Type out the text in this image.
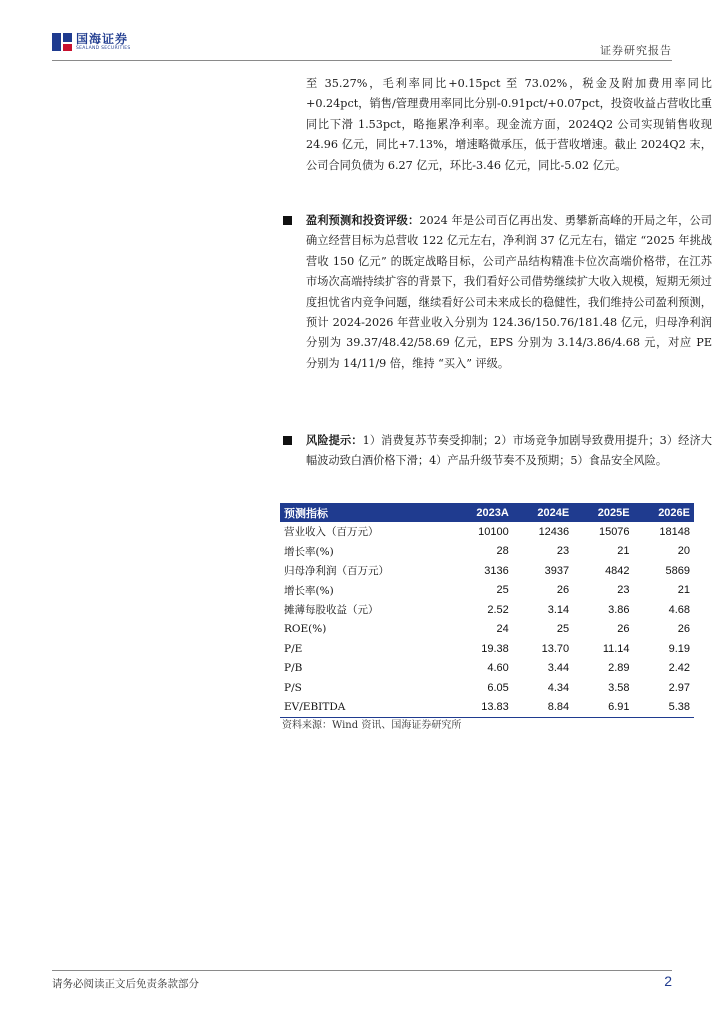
国海证券
SEALAND SECURITIES	证券研究报告
至 35.27%，毛利率同比+0.15pct 至 73.02%，税金及附加费用率同比+0.24pct，销售/管理费用率同比分别-0.91pct/+0.07pct，投资收益占营收比重同比下滑 1.53pct，略拖累净利率。现金流方面，2024Q2 公司实现销售收现 24.96 亿元，同比+7.13%，增速略微承压，低于营收增速。截止 2024Q2 末，公司合同负债为 6.27 亿元，环比-3.46 亿元，同比-5.02 亿元。
盈利预测和投资评级：2024 年是公司百亿再出发、勇攀新高峰的开局之年，公司确立经营目标为总营收 122 亿元左右，净利润 37 亿元左右，锚定 “2025 年挑战营收 150 亿元” 的既定战略目标，公司产品结构精准卡位次高端价格带，在江苏市场次高端持续扩容的背景下，我们看好公司借势继续扩大收入规模，短期无须过度担忧省内竞争问题，继续看好公司未来成长的稳健性，我们维持公司盈利预测，预计 2024-2026 年营业收入分别为 124.36/150.76/181.48 亿元，归母净利润分别为 39.37/48.42/58.69 亿元，EPS 分别为 3.14/3.86/4.68 元，对应 PE 分别为 14/11/9 倍，维持 “买入” 评级。
风险提示：1）消费复苏节奏受抑制；2）市场竞争加剧导致费用提升；3）经济大幅波动致白酒价格下滑；4）产品升级节奏不及预期；5）食品安全风险。
预测指标	2023A	2024E	2025E	2026E
营业收入（百万元）	10100	12436	15076	18148
增长率(%)	28	23	21	20
归母净利润（百万元）	3136	3937	4842	5869
增长率(%)	25	26	23	21
摊薄每股收益（元）	2.52	3.14	3.86	4.68
ROE(%)	24	25	26	26
P/E	19.38	13.70	11.14	9.19
P/B	4.60	3.44	2.89	2.42
P/S	6.05	4.34	3.58	2.97
EV/EBITDA	13.83	8.84	6.91	5.38
资料来源：Wind 资讯、国海证券研究所
请务必阅读正文后免责条款部分	2
